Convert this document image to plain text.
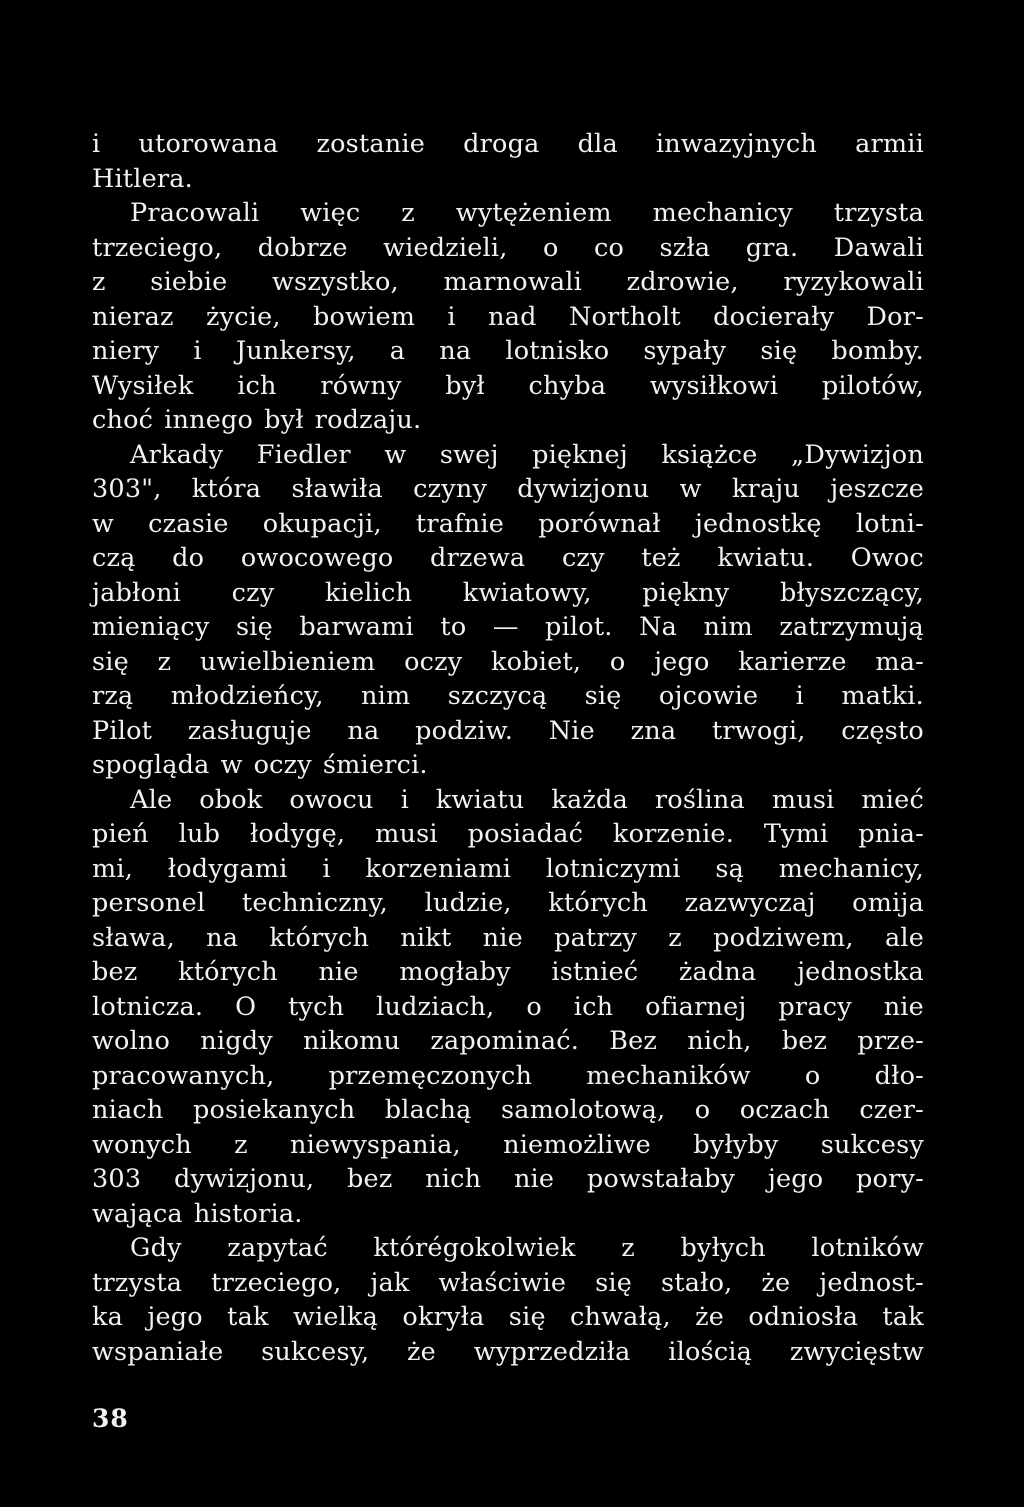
i utorowana zostanie droga dla inwazyjnych armii
Hitlera.
Pracowali więc z wytężeniem mechanicy trzysta
trzeciego, dobrze wiedzieli, o co szła gra. Dawali
z siebie wszystko, marnowali zdrowie, ryzykowali
nieraz życie, bowiem i nad Northolt docierały Dor-
niery i Junkersy, a na lotnisko sypały się bomby.
Wysiłek ich równy był chyba wysiłkowi pilotów,
choć innego był rodzaju.
Arkady Fiedler w swej pięknej książce „Dywizjon
303", która sławiła czyny dywizjonu w kraju jeszcze
w czasie okupacji, trafnie porównał jednostkę lotni-
czą do owocowego drzewa czy też kwiatu. Owoc
jabłoni czy kielich kwiatowy, piękny błyszczący,
mieniący się barwami to — pilot. Na nim zatrzymują
się z uwielbieniem oczy kobiet, o jego karierze ma-
rzą młodzieńcy, nim szczycą się ojcowie i matki.
Pilot zasługuje na podziw. Nie zna trwogi, często
spogląda w oczy śmierci.
Ale obok owocu i kwiatu każda roślina musi mieć
pień lub łodygę, musi posiadać korzenie. Tymi pnia-
mi, łodygami i korzeniami lotniczymi są mechanicy,
personel techniczny, ludzie, których zazwyczaj omija
sława, na których nikt nie patrzy z podziwem, ale
bez których nie mogłaby istnieć żadna jednostka
lotnicza. O tych ludziach, o ich ofiarnej pracy nie
wolno nigdy nikomu zapominać. Bez nich, bez prze-
pracowanych, przemęczonych mechaników o dło-
niach posiekanych blachą samolotową, o oczach czer-
wonych z niewyspania, niemożliwe byłyby sukcesy
303 dywizjonu, bez nich nie powstałaby jego pory-
wająca historia.
Gdy zapytać którégokolwiek z byłych lotników
trzysta trzeciego, jak właściwie się stało, że jednost-
ka jego tak wielką okryła się chwałą, że odniosła tak
wspaniałe sukcesy, że wyprzedziła ilością zwycięstw
38
